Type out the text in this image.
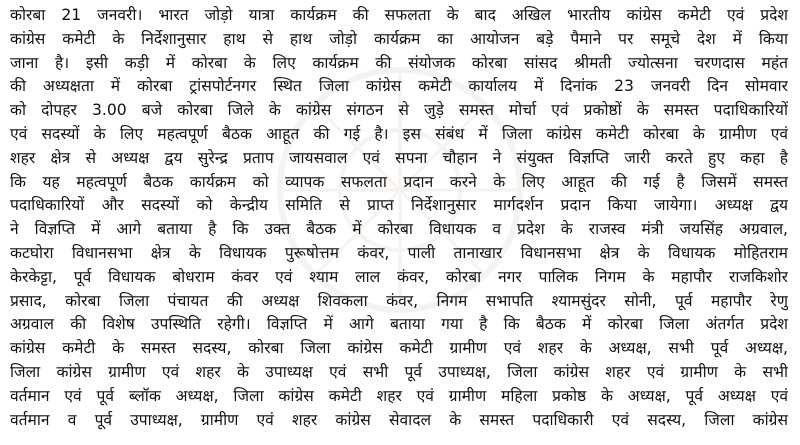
कोरबा 21 जनवरी। भारत जोड़ो यात्रा कार्यक्रम की सफलता के बाद अखिल भारतीय कांग्रेस कमेटी एवं प्रदेश
कांग्रेस कमेटी के निर्देशानुसार हाथ से हाथ जोड़ो कार्यक्रम का आयोजन बड़े पैमाने पर समूचे देश में किया
जाना है। इसी कड़ी में कोरबा के लिए कार्यक्रम की संयोजक कोरबा सांसद श्रीमती ज्योत्सना चरणदास महंत
की अध्यक्षता में कोरबा ट्रांसपोर्टनगर स्थित जिला कांग्रेस कमेटी कार्यालय में दिनांक 23 जनवरी दिन सोमवार
को दोपहर 3.00 बजे कोरबा जिले के कांग्रेस संगठन से जुड़े समस्त मोर्चा एवं प्रकोष्ठों के समस्त पदाधिकारियों
एवं सदस्यों के लिए महत्वपूर्ण बैठक आहूत की गई है। इस संबंध में जिला कांग्रेस कमेटी कोरबा के ग्रामीण एवं
शहर क्षेत्र से अध्यक्ष द्वय सुरेन्द्र प्रताप जायसवाल एवं सपना चौहान ने संयुक्त विज्ञप्ति जारी करते हुए कहा है
कि यह महत्वपूर्ण बैठक कार्यक्रम को व्यापक सफलता प्रदान करने के लिए आहूत की गई है जिसमें समस्त
पदाधिकारियों और सदस्यों को केन्द्रीय समिति से प्राप्त निर्देशानुसार मार्गदर्शन प्रदान किया जायेगा। अध्यक्ष द्वय
ने विज्ञप्ति में आगे बताया है कि उक्त बैठक में कोरबा विधायक व प्रदेश के राजस्व मंत्री जयसिंह अग्रवाल,
कटघोरा विधानसभा क्षेत्र के विधायक पुरूषोत्तम कंवर, पाली तानाखार विधानसभा क्षेत्र के विधायक मोहितराम
केरकेट्टा, पूर्व विधायक बोधराम कंवर एवं श्याम लाल कंवर, कोरबा नगर पालिक निगम के महापौर राजकिशोर
प्रसाद, कोरबा जिला पंचायत की अध्यक्ष शिवकला कंवर, निगम सभापति श्यामसुंदर सोनी, पूर्व महापौर रेणु
अग्रवाल की विशेष उपस्थिति रहेगी। विज्ञप्ति में आगे बताया गया है कि बैठक में कोरबा जिला अंतर्गत प्रदेश
कांग्रेस कमेटी के समस्त सदस्य, कोरबा जिला कांग्रेस कमेटी ग्रामीण एवं शहर के अध्यक्ष, सभी पूर्व अध्यक्ष,
जिला कांग्रेस ग्रामीण एवं शहर के उपाध्यक्ष एवं सभी पूर्व उपाध्यक्ष, जिला कांग्रेस शहर एवं ग्रामीण के सभी
वर्तमान एवं पूर्व ब्लॉक अध्यक्ष, जिला कांग्रेस कमेटी शहर एवं ग्रामीण महिला प्रकोष्ठ के अध्यक्ष, पूर्व अध्यक्ष एवं
वर्तमान व पूर्व उपाध्यक्ष, ग्रामीण एवं शहर कांग्रेस सेवादल के समस्त पदाधिकारी एवं सदस्य, जिला कांग्रेस
